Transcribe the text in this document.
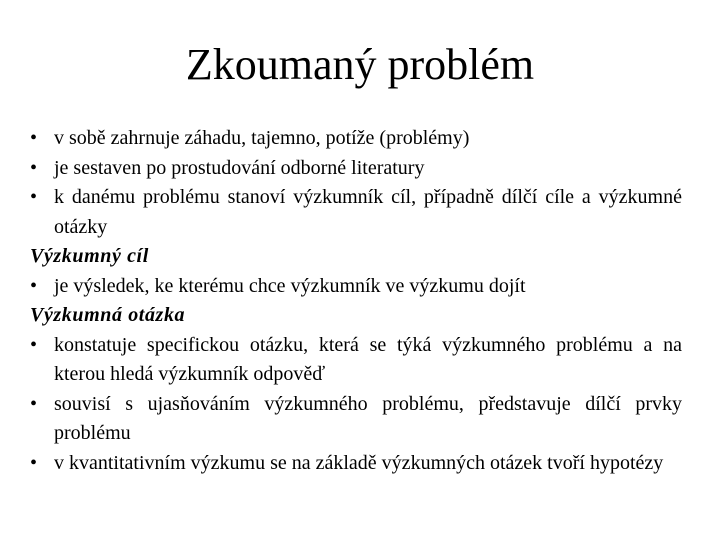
Zkoumaný problém
• v sobě zahrnuje záhadu, tajemno, potíže (problémy)
• je sestaven po prostudování odborné literatury
• k danému problému stanoví výzkumník cíl, případně dílčí cíle a výzkumné otázky
Výzkumný cíl
• je výsledek, ke kterému chce výzkumník ve výzkumu dojít
Výzkumná otázka
• konstatuje specifickou otázku, která se týká výzkumného problému a na kterou hledá výzkumník odpověď
• souvisí s ujasňováním výzkumného problému, představuje dílčí prvky problému
• v kvantitativním výzkumu se na základě výzkumných otázek tvoří hypotézy
